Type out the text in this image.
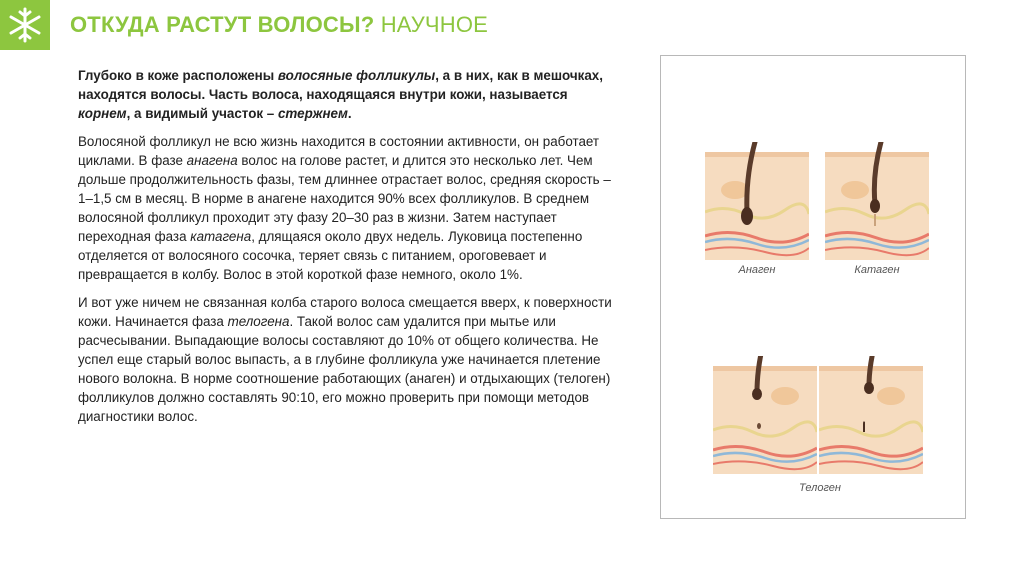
ОТКУДА РАСТУТ ВОЛОСЫ? НАУЧНОЕ

Глубоко в коже расположены волосяные фолликулы, а в них, как в мешочках, находятся волосы. Часть волоса, находящаяся внутри кожи, называется корнем, а видимый участок – стержнем.

Волосяной фолликул не всю жизнь находится в состоянии активности, он работает циклами. В фазе анагена волос на голове растет, и длится это несколько лет. Чем дольше продолжительность фазы, тем длиннее отрастает волос, средняя скорость – 1–1,5 см в месяц. В норме в анагене находится 90% всех фолликулов. В среднем волосяной фолликул проходит эту фазу 20–30 раз в жизни. Затем наступает переходная фаза катагена, длящаяся около двух недель. Луковица постепенно отделяется от волосяного сосочка, теряет связь с питанием, ороговевает и превращается в колбу. Волос в этой короткой фазе немного, около 1%.

И вот уже ничем не связанная колба старого волоса смещается вверх, к поверхности кожи. Начинается фаза телогена. Такой волос сам удалится при мытье или расчесывании. Выпадающие волосы составляют до 10% от общего количества. Не успел еще старый волос выпасть, а в глубине фолликула уже начинается плетение нового волокна. В норме соотношение работающих (анаген) и отдыхающих (телоген) фолликулов должно составлять 90:10, его можно проверить при помощи методов диагностики волос.

Анаген	Катаген
Телоген
